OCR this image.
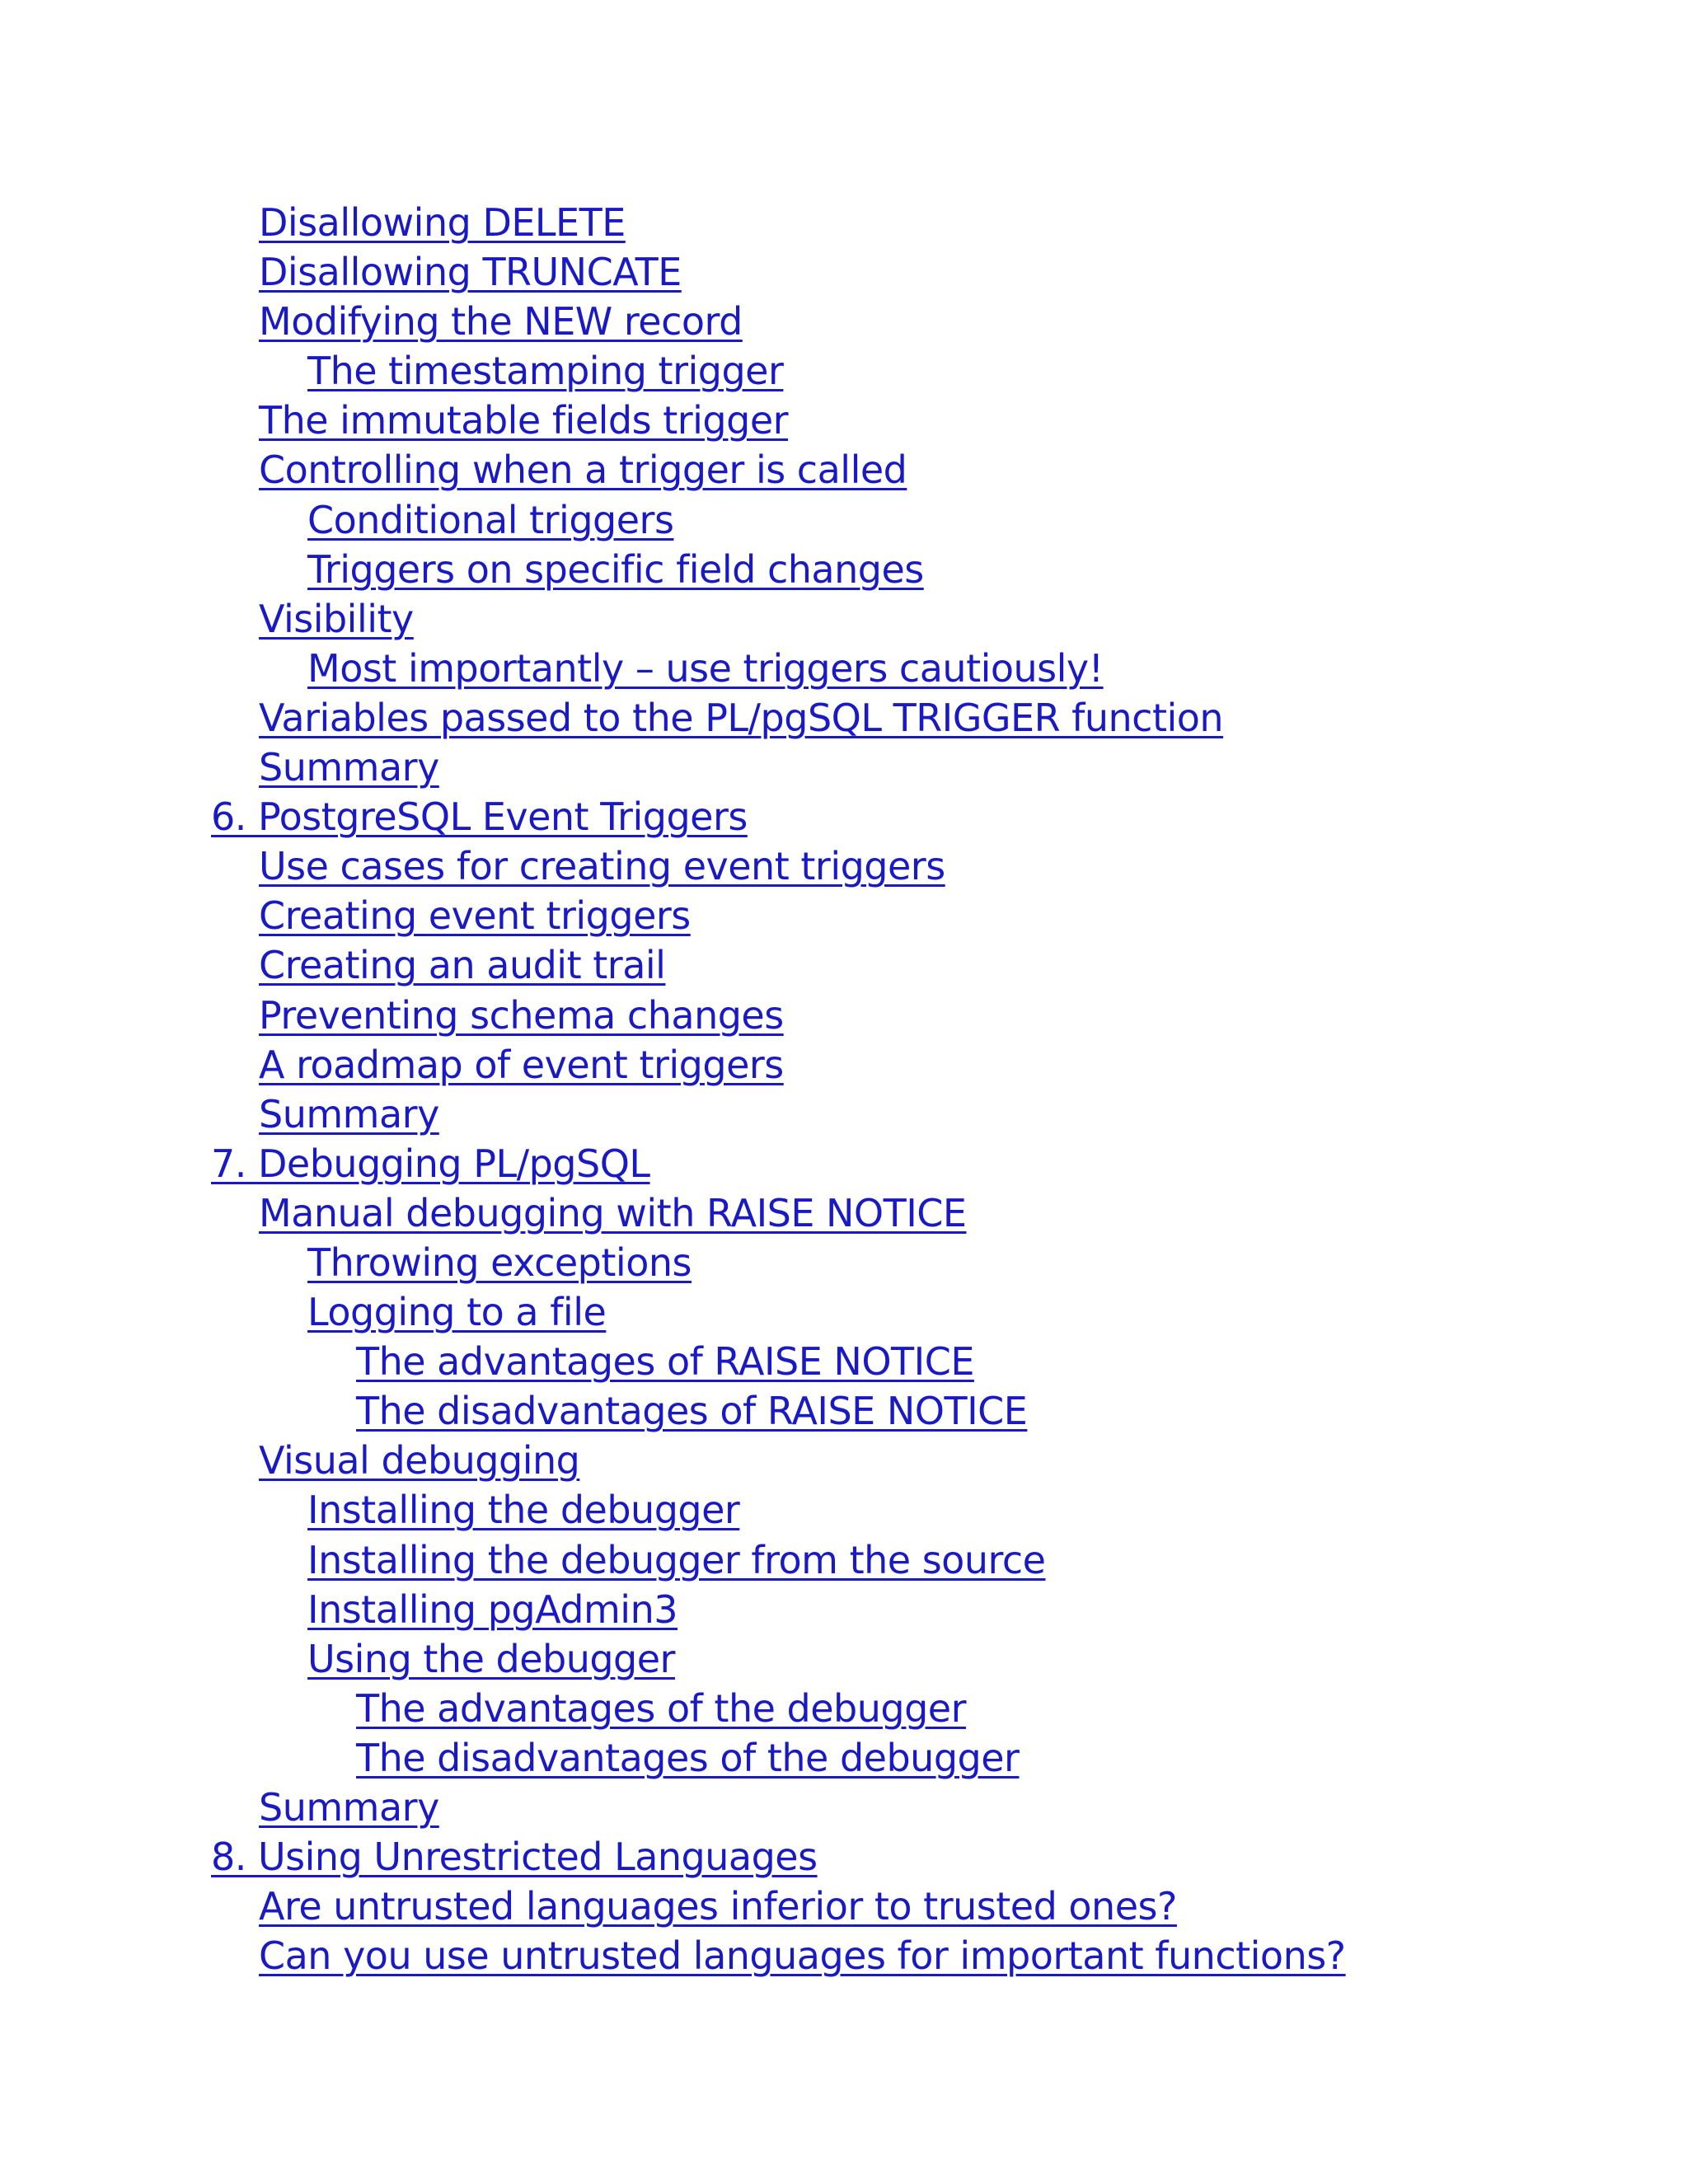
Disallowing DELETE
Disallowing TRUNCATE
Modifying the NEW record
The timestamping trigger
The immutable fields trigger
Controlling when a trigger is called
Conditional triggers
Triggers on specific field changes
Visibility
Most importantly – use triggers cautiously!
Variables passed to the PL/pgSQL TRIGGER function
Summary
6. PostgreSQL Event Triggers
Use cases for creating event triggers
Creating event triggers
Creating an audit trail
Preventing schema changes
A roadmap of event triggers
Summary
7. Debugging PL/pgSQL
Manual debugging with RAISE NOTICE
Throwing exceptions
Logging to a file
The advantages of RAISE NOTICE
The disadvantages of RAISE NOTICE
Visual debugging
Installing the debugger
Installing the debugger from the source
Installing pgAdmin3
Using the debugger
The advantages of the debugger
The disadvantages of the debugger
Summary
8. Using Unrestricted Languages
Are untrusted languages inferior to trusted ones?
Can you use untrusted languages for important functions?
